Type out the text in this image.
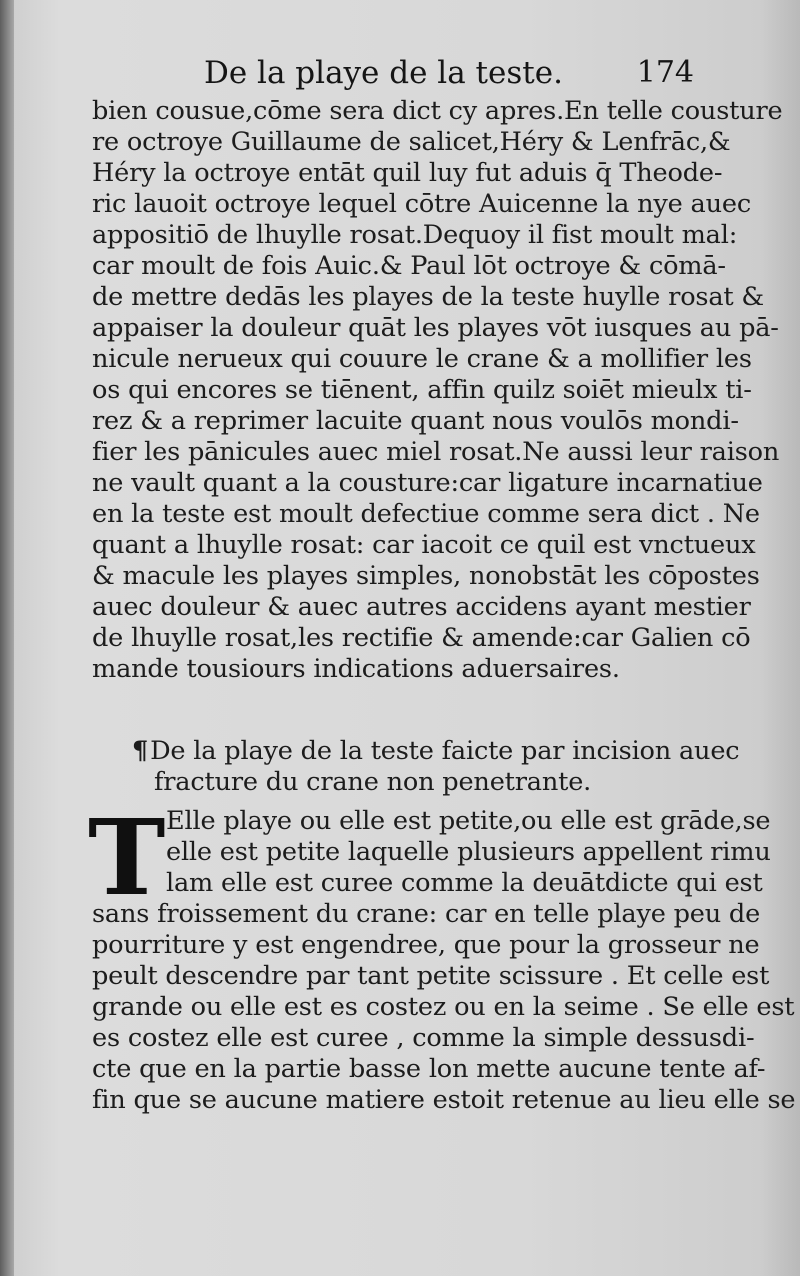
De la playe de la teste. 174
bien cousue,cōme sera dict cy apres.En telle cousture
re octroye Guillaume de salicet,Héry & Lenfrāc,&
Héry la octroye entāt quil luy fut aduis q̄ Theode-
ric lauoit octroye lequel cōtre Auicenne la nye auec
appositiō de lhuylle rosat.Dequoy il fist moult mal:
car moult de fois Auic.& Paul lōt octroye & cōmā-
de mettre dedās les playes de la teste huylle rosat &
appaiser la douleur quāt les playes vōt iusques au pā-
nicule nerueux qui couure le crane & a mollifier les
os qui encores se tiēnent, affin quilz soiēt mieulx ti-
rez & a reprimer lacuite quant nous voulōs mondi-
fier les pānicules auec miel rosat.Ne aussi leur raison
ne vault quant a la cousture:car ligature incarnatiue
en la teste est moult defectiue comme sera dict . Ne
quant a lhuylle rosat: car iacoit ce quil est vnctueux
& macule les playes simples, nonobstāt les cōpostes
auec douleur & auec autres accidens ayant mestier
de lhuylle rosat,les rectifie & amende:car Galien cō
mande tousiours indications aduersaires.
¶De la playe de la teste faicte par incision auec
fracture du crane non penetrante.
T Elle playe ou elle est petite,ou elle est grāde,se
elle est petite laquelle plusieurs appellent rimu
lam elle est curee comme la deuātdicte qui est
sans froissement du crane: car en telle playe peu de
pourriture y est engendree, que pour la grosseur ne
peult descendre par tant petite scissure . Et celle est
grande ou elle est es costez ou en la seime . Se elle est
es costez elle est curee , comme la simple dessusdi-
cte que en la partie basse lon mette aucune tente af-
fin que se aucune matiere estoit retenue au lieu elle se
